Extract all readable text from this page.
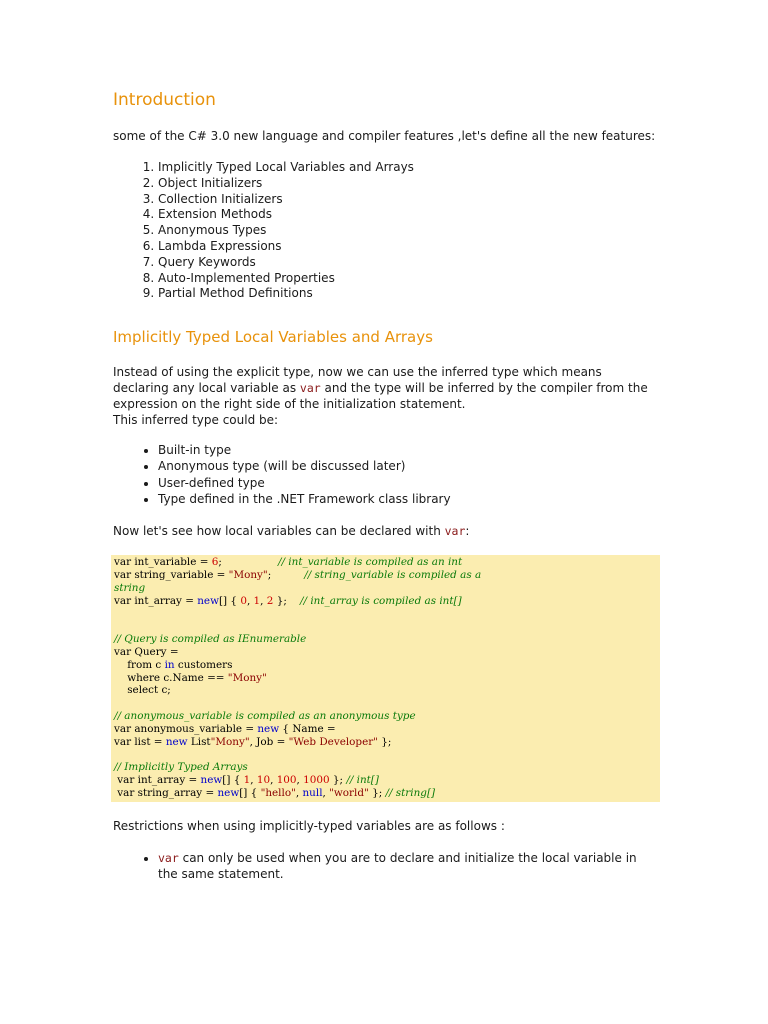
Introduction

some of the C# 3.0 new language and compiler features ,let's define all the new features:

1. Implicitly Typed Local Variables and Arrays
2. Object Initializers
3. Collection Initializers
4. Extension Methods
5. Anonymous Types
6. Lambda Expressions
7. Query Keywords
8. Auto-Implemented Properties
9. Partial Method Definitions
Implicitly Typed Local Variables and Arrays

Instead of using the explicit type, now we can use the inferred type which means declaring any local variable as var and the type will be inferred by the compiler from the expression on the right side of the initialization statement.

This inferred type could be:

• Built-in type
• Anonymous type (will be discussed later)
• User-defined type
• Type defined in the .NET Framework class library

Now let's see how local variables can be declared with var:

var int_variable = 6;                 // int_variable is compiled as an int
var string_variable = "Mony";          // string_variable is compiled as a
string
var int_array = new[] { 0, 1, 2 };    // int_array is compiled as int[]
// Query is compiled as IEnumerable
var Query =
from c in customers
where c.Name == "Mony"
select c;
// anonymous_variable is compiled as an anonymous type
var anonymous_variable = new { Name =
var list = new List"Mony", Job = "Web Developer" };
// Implicitly Typed Arrays
var int_array = new[] { 1, 10, 100, 1000 }; // int[]
var string_array = new[] { "hello", null, "world" }; // string[]

Restrictions when using implicitly-typed variables are as follows :

• var can only be used when you are to declare and initialize the local variable in the same statement.
